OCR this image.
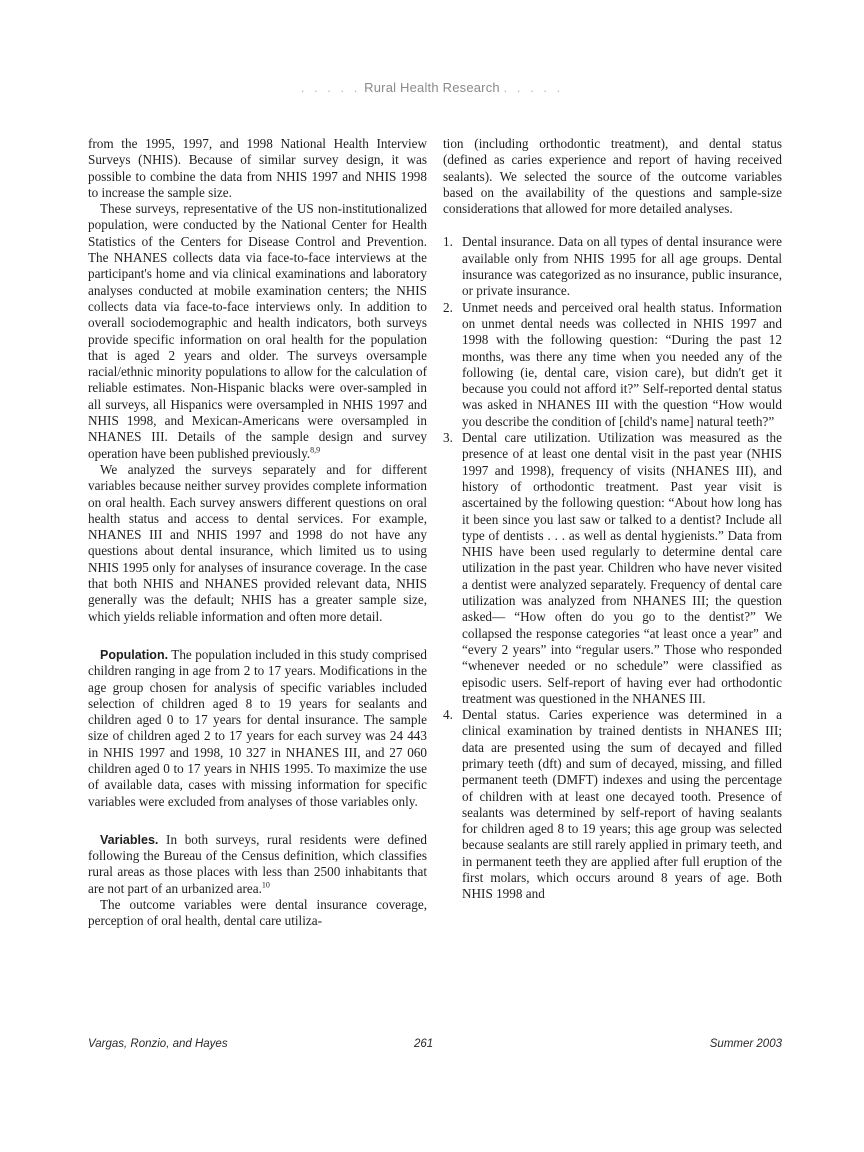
. . . . . Rural Health Research . . . . .

from the 1995, 1997, and 1998 National Health Interview Surveys (NHIS). Because of similar survey design, it was possible to combine the data from NHIS 1997 and NHIS 1998 to increase the sample size.

These surveys, representative of the US non-institutionalized population, were conducted by the National Center for Health Statistics of the Centers for Disease Control and Prevention. The NHANES collects data via face-to-face interviews at the participant's home and via clinical examinations and laboratory analyses conducted at mobile examination centers; the NHIS collects data via face-to-face interviews only. In addition to overall sociodemographic and health indicators, both surveys provide specific information on oral health for the population that is aged 2 years and older. The surveys oversample racial/ethnic minority populations to allow for the calculation of reliable estimates. Non-Hispanic blacks were over-sampled in all surveys, all Hispanics were oversampled in NHIS 1997 and NHIS 1998, and Mexican-Americans were oversampled in NHANES III. Details of the sample design and survey operation have been published previously.$^{8,9}$

We analyzed the surveys separately and for different variables because neither survey provides complete information on oral health. Each survey answers different questions on oral health status and access to dental services. For example, NHANES III and NHIS 1997 and 1998 do not have any questions about dental insurance, which limited us to using NHIS 1995 only for analyses of insurance coverage. In the case that both NHIS and NHANES provided relevant data, NHIS generally was the default; NHIS has a greater sample size, which yields reliable information and often more detail.

Population. The population included in this study comprised children ranging in age from 2 to 17 years. Modifications in the age group chosen for analysis of specific variables included selection of children aged 8 to 19 years for sealants and children aged 0 to 17 years for dental insurance. The sample size of children aged 2 to 17 years for each survey was 24 443 in NHIS 1997 and 1998, 10 327 in NHANES III, and 27 060 children aged 0 to 17 years in NHIS 1995. To maximize the use of available data, cases with missing information for specific variables were excluded from analyses of those variables only.

Variables. In both surveys, rural residents were defined following the Bureau of the Census definition, which classifies rural areas as those places with less than 2500 inhabitants that are not part of an urbanized area.$^{10}$

The outcome variables were dental insurance coverage, perception of oral health, dental care utiliza-

tion (including orthodontic treatment), and dental status (defined as caries experience and report of having received sealants). We selected the source of the outcome variables based on the availability of the questions and sample-size considerations that allowed for more detailed analyses.

1. Dental insurance. Data on all types of dental insurance were available only from NHIS 1995 for all age groups. Dental insurance was categorized as no insurance, public insurance, or private insurance.
2. Unmet needs and perceived oral health status. Information on unmet dental needs was collected in NHIS 1997 and 1998 with the following question: “During the past 12 months, was there any time when you needed any of the following (ie, dental care, vision care), but didn't get it because you could not afford it?” Self-reported dental status was asked in NHANES III with the question “How would you describe the condition of [child's name] natural teeth?”
3. Dental care utilization. Utilization was measured as the presence of at least one dental visit in the past year (NHIS 1997 and 1998), frequency of visits (NHANES III), and history of orthodontic treatment. Past year visit is ascertained by the following question: “About how long has it been since you last saw or talked to a dentist? Include all type of dentists . . . as well as dental hygienists.” Data from NHIS have been used regularly to determine dental care utilization in the past year. Children who have never visited a dentist were analyzed separately. Frequency of dental care utilization was analyzed from NHANES III; the question asked— “How often do you go to the dentist?” We collapsed the response categories “at least once a year” and “every 2 years” into “regular users.” Those who responded “whenever needed or no schedule” were classified as episodic users. Self-report of having ever had orthodontic treatment was questioned in the NHANES III.
4. Dental status. Caries experience was determined in a clinical examination by trained dentists in NHANES III; data are presented using the sum of decayed and filled primary teeth (dft) and sum of decayed, missing, and filled permanent teeth (DMFT) indexes and using the percentage of children with at least one decayed tooth. Presence of sealants was determined by self-report of having sealants for children aged 8 to 19 years; this age group was selected because sealants are still rarely applied in primary teeth, and in permanent teeth they are applied after full eruption of the first molars, which occurs around 8 years of age. Both NHIS 1998 and
Vargas, Ronzio, and Hayes	261	Summer 2003
